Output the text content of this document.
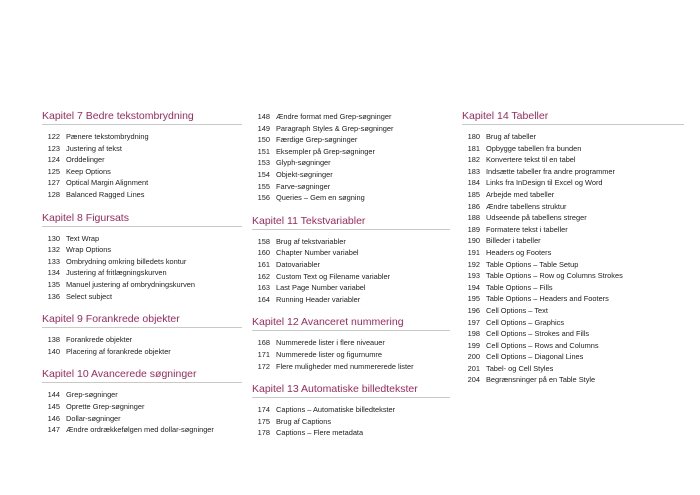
Kapitel 7 Bedre tekstombrydning
122 Pænere tekstombrydning
123 Justering af tekst
124 Orddelinger
125 Keep Options
127 Optical Margin Alignment
128 Balanced Ragged Lines
Kapitel 8 Figursats
130 Text Wrap
132 Wrap Options
133 Ombrydning omkring billedets kontur
134 Justering af fritlægningskurven
135 Manuel justering af ombrydningskurven
136 Select subject
Kapitel 9 Forankrede objekter
138 Forankrede objekter
140 Placering af forankrede objekter
Kapitel 10 Avancerede søgninger
144 Grep-søgninger
145 Oprette Grep-søgninger
146 Dollar-søgninger
147 Ændre ordrækkefølgen med dollar-søgninger
148 Ændre format med Grep-søgninger
149 Paragraph Styles & Grep-søgninger
150 Færdige Grep-søgninger
151 Eksempler på Grep-søgninger
153 Glyph-søgninger
154 Objekt-søgninger
155 Farve-søgninger
156 Queries – Gem en søgning
Kapitel 11 Tekstvariabler
158 Brug af tekstvariabler
160 Chapter Number variabel
161 Datovariabler
162 Custom Text og Filename variabler
163 Last Page Number variabel
164 Running Header variabler
Kapitel 12 Avanceret nummering
168 Nummerede lister i flere niveauer
171 Nummerede lister og figurnumre
172 Flere muligheder med nummererede lister
Kapitel 13 Automatiske billedtekster
174 Captions – Automatiske billedtekster
175 Brug af Captions
178 Captions – Flere metadata
Kapitel 14 Tabeller
180 Brug af tabeller
181 Opbygge tabellen fra bunden
182 Konvertere tekst til en tabel
183 Indsætte tabeller fra andre programmer
184 Links fra InDesign til Excel og Word
185 Arbejde med tabeller
186 Ændre tabellens struktur
188 Udseende på tabellens streger
189 Formatere tekst i tabeller
190 Billeder i tabeller
191 Headers og Footers
192 Table Options – Table Setup
193 Table Options – Row og Columns Strokes
194 Table Options – Fills
195 Table Options – Headers and Footers
196 Cell Options – Text
197 Cell Options – Graphics
198 Cell Options – Strokes and Fills
199 Cell Options – Rows and Columns
200 Cell Options – Diagonal Lines
201 Tabel- og Cell Styles
204 Begrænsninger på en Table Style
